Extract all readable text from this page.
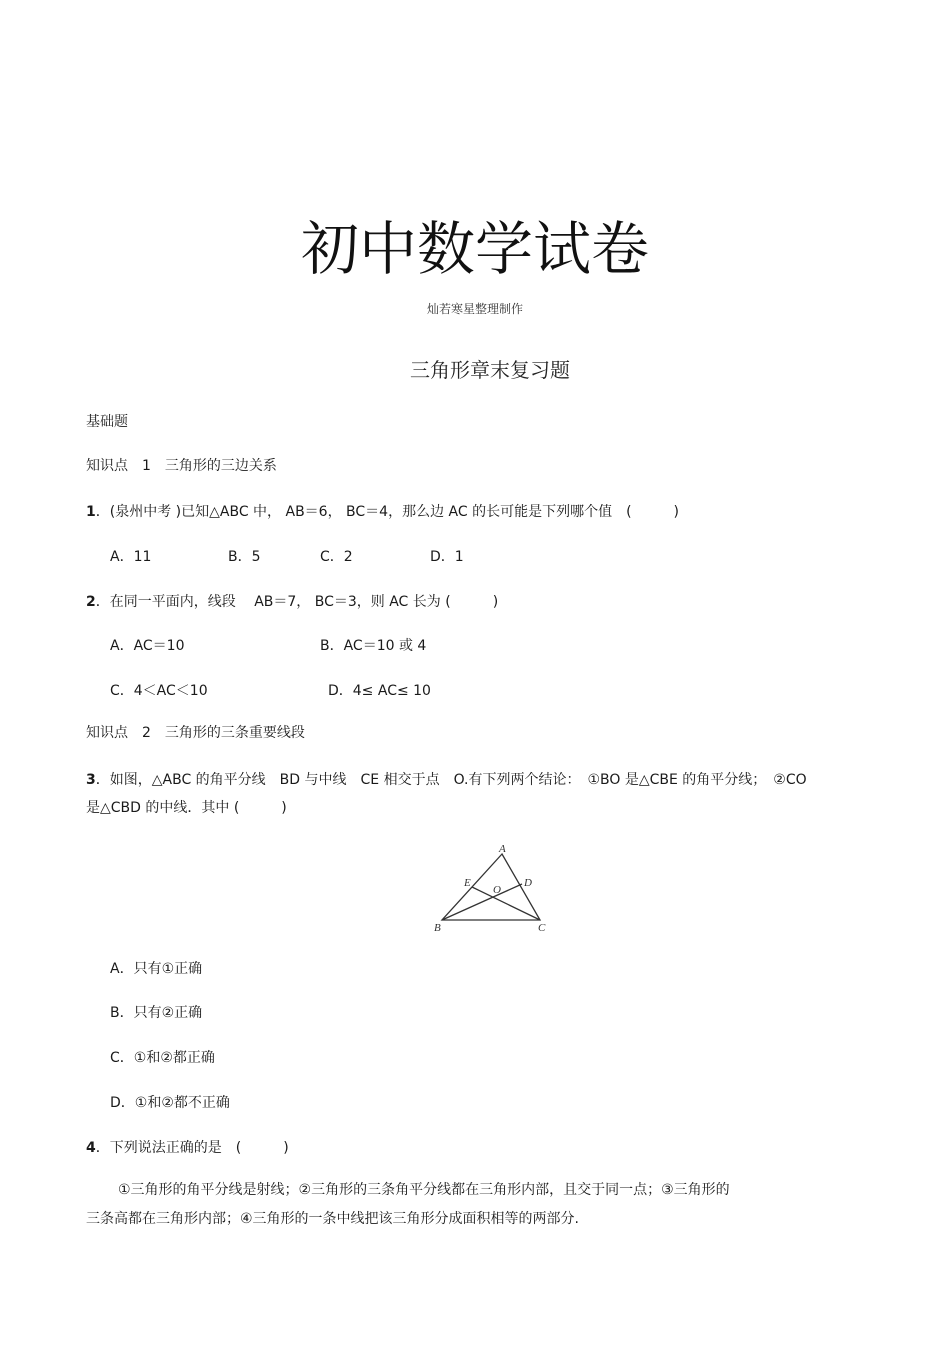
初中数学试卷
灿若寒星整理制作
三角形章末复习题
基础题
知识点　1　三角形的三边关系
1．(泉州中考 )已知△ABC 中， AB＝6， BC＝4，那么边 AC 的长可能是下列哪个值　(　　　)
A．11	B．5	C．2	D．1
2．在同一平面内，线段　 AB＝7， BC＝3，则 AC 长为 (　　　)
A．AC＝10	B．AC＝10 或 4
C．4＜AC＜10	D．4≤ AC≤ 10
知识点　2　三角形的三条重要线段
3．如图，△ABC 的角平分线　BD 与中线　CE 相交于点　O.有下列两个结论：　①BO 是△CBE 的角平分线；　②CO
是△CBD 的中线．其中 (　　　)
A
B	C
D
E
O
A．只有①正确
B．只有②正确
C．①和②都正确
D．①和②都不正确
4．下列说法正确的是　(　　　)
①三角形的角平分线是射线；②三角形的三条角平分线都在三角形内部，且交于同一点；③三角形的
三条高都在三角形内部；④三角形的一条中线把该三角形分成面积相等的两部分.
